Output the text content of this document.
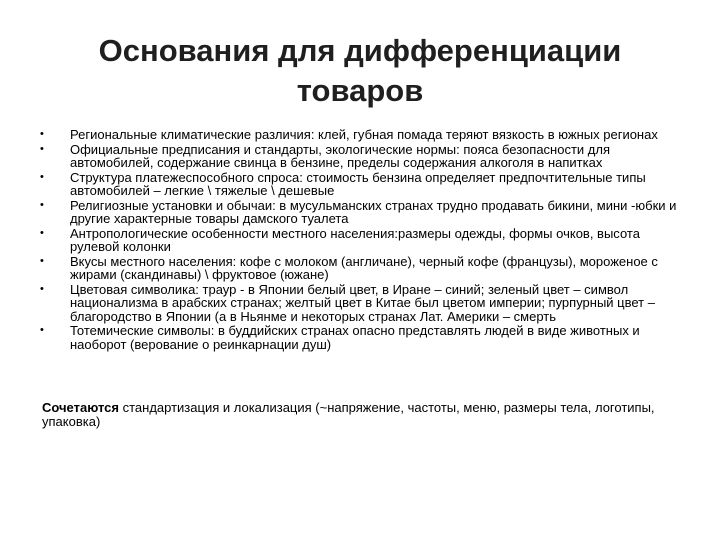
Основания для дифференциации товаров
•	Региональные климатические различия: клей, губная помада теряют вязкость в южных регионах
•	Официальные предписания и стандарты, экологические нормы: пояса безопасности для автомобилей, содержание свинца в бензине, пределы содержания алкоголя в напитках
•	Структура платежеспособного спроса: стоимость бензина определяет предпочтительные типы автомобилей – легкие \ тяжелые \ дешевые
•	Религиозные установки и обычаи: в мусульманских странах трудно продавать бикини, мини -юбки и другие характерные товары дамского туалета
•	Антропологические особенности местного населения:размеры одежды, формы очков, высота рулевой колонки
•	Вкусы местного населения: кофе с молоком (англичане), черный кофе (французы), мороженое с жирами (скандинавы) \ фруктовое (южане)
•	Цветовая символика: траур - в Японии белый цвет, в Иране – синий; зеленый цвет – символ национализма в арабских странах; желтый цвет в Китае был цветом империи; пурпурный цвет – благородство в Японии (а в Ньянме и некоторых странах Лат. Америки – смерть
•	Тотемические символы: в буддийских странах опасно представлять людей в виде животных и наоборот (верование о реинкарнации душ)
Сочетаются стандартизация и локализация (~напряжение, частоты, меню, размеры тела, логотипы, упаковка)
